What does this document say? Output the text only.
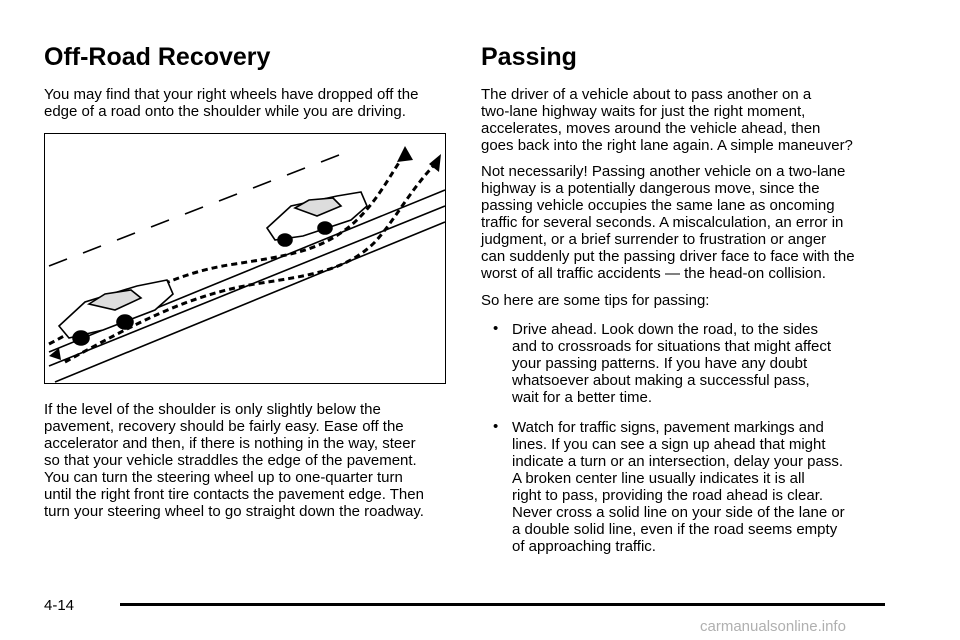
Off-Road Recovery

You may find that your right wheels have dropped off the
edge of a road onto the shoulder while you are driving.

If the level of the shoulder is only slightly below the
pavement, recovery should be fairly easy. Ease off the
accelerator and then, if there is nothing in the way, steer
so that your vehicle straddles the edge of the pavement.
You can turn the steering wheel up to one-quarter turn
until the right front tire contacts the pavement edge. Then
turn your steering wheel to go straight down the roadway.

Passing

The driver of a vehicle about to pass another on a
two-lane highway waits for just the right moment,
accelerates, moves around the vehicle ahead, then
goes back into the right lane again. A simple maneuver?

Not necessarily! Passing another vehicle on a two-lane
highway is a potentially dangerous move, since the
passing vehicle occupies the same lane as oncoming
traffic for several seconds. A miscalculation, an error in
judgment, or a brief surrender to frustration or anger
can suddenly put the passing driver face to face with the
worst of all traffic accidents — the head-on collision.

So here are some tips for passing:

• Drive ahead. Look down the road, to the sides
and to crossroads for situations that might affect
your passing patterns. If you have any doubt
whatsoever about making a successful pass,
wait for a better time.

• Watch for traffic signs, pavement markings and
lines. If you can see a sign up ahead that might
indicate a turn or an intersection, delay your pass.
A broken center line usually indicates it is all
right to pass, providing the road ahead is clear.
Never cross a solid line on your side of the lane or
a double solid line, even if the road seems empty
of approaching traffic.

4-14
carmanualsonline.info
